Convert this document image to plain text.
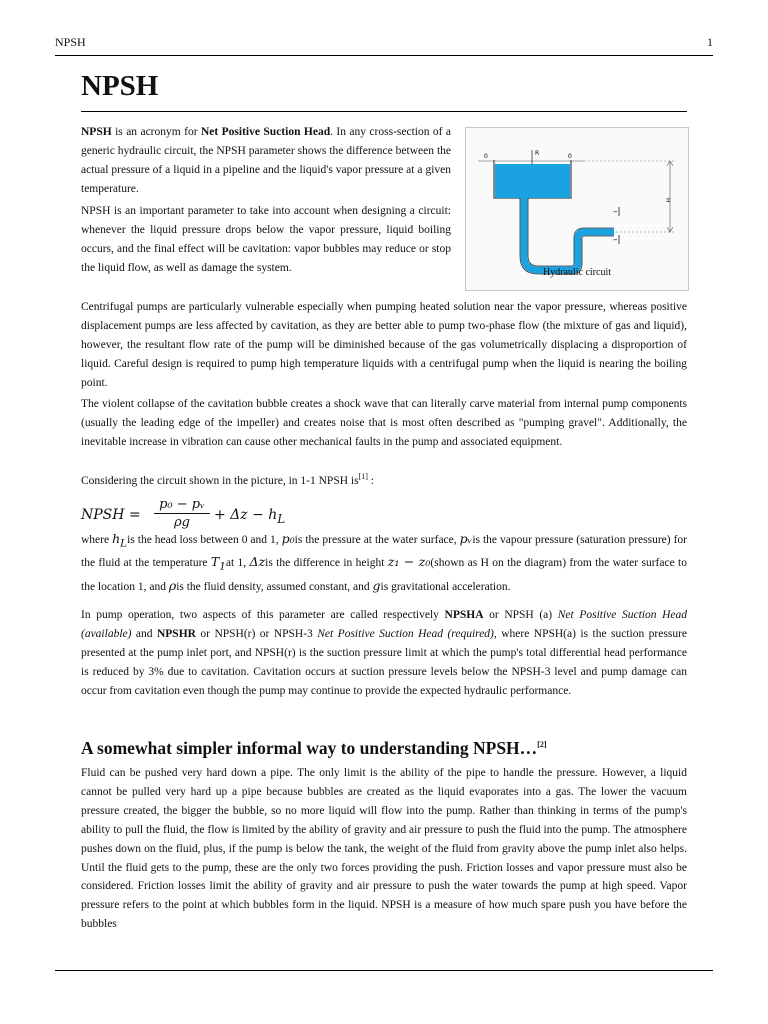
NPSH	1
NPSH
0	R	0
H
–|
–|
Hydraulic circuit

NPSH is an acronym for Net Positive Suction Head. In any cross-section of a generic hydraulic circuit, the NPSH parameter shows the difference between the actual pressure of a liquid in a pipeline and the liquid's vapor pressure at a given temperature.

NPSH is an important parameter to take into account when designing a circuit: whenever the liquid pressure drops below the vapor pressure, liquid boiling occurs, and the final effect will be cavitation: vapor bubbles may reduce or stop the liquid flow, as well as damage the system.

Centrifugal pumps are particularly vulnerable especially when pumping heated solution near the vapor pressure, whereas positive displacement pumps are less affected by cavitation, as they are better able to pump two-phase flow (the mixture of gas and liquid), however, the resultant flow rate of the pump will be diminished because of the gas volumetrically displacing a disproportion of liquid. Careful design is required to pump high temperature liquids with a centrifugal pump when the liquid is nearing the boiling point.

The violent collapse of the cavitation bubble creates a shock wave that can literally carve material from internal pump components (usually the leading edge of the impeller) and creates noise that is most often described as "pumping gravel". Additionally, the inevitable increase in vibration can cause other mechanical faults in the pump and associated equipment.

Considering the circuit shown in the picture, in 1-1 NPSH is[1] :

NPSH =
p₀ − pᵥ
ρg	+ $\Delta z - h_L$

where $h_Lis$ the head loss between 0 and 1, p₀is the pressure at the water surface, pᵥis the vapour pressure (saturation pressure) for the fluid at the temperature $T_1at$ 1, Δzis the difference in height z₁ − z₀(shown as H on the diagram) from the water surface to the location 1, and ρis the fluid density, assumed constant, and gis gravitational acceleration.

In pump operation, two aspects of this parameter are called respectively NPSHA or NPSH (a) Net Positive Suction Head (available) and NPSHR or NPSH(r) or NPSH-3 Net Positive Suction Head (required), where NPSH(a) is the suction pressure presented at the pump inlet port, and NPSH(r) is the suction pressure limit at which the pump's total differential head performance is reduced by 3% due to cavitation. Cavitation occurs at suction pressure levels below the NPSH-3 level and pump damage can occur from cavitation even though the pump may continue to provide the expected hydraulic performance.

A somewhat simpler informal way to understanding NPSH…[2]

Fluid can be pushed very hard down a pipe. The only limit is the ability of the pipe to handle the pressure. However, a liquid cannot be pulled very hard up a pipe because bubbles are created as the liquid evaporates into a gas. The lower the vacuum pressure created, the bigger the bubble, so no more liquid will flow into the pump. Rather than thinking in terms of the pump's ability to pull the fluid, the flow is limited by the ability of gravity and air pressure to push the fluid into the pump. The atmosphere pushes down on the fluid, plus, if the pump is below the tank, the weight of the fluid from gravity above the pump inlet also helps. Until the fluid gets to the pump, these are the only two forces providing the push. Friction losses and vapor pressure must also be considered. Friction losses limit the ability of gravity and air pressure to push the water towards the pump at high speed. Vapor pressure refers to the point at which bubbles form in the liquid. NPSH is a measure of how much spare push you have before the bubbles
